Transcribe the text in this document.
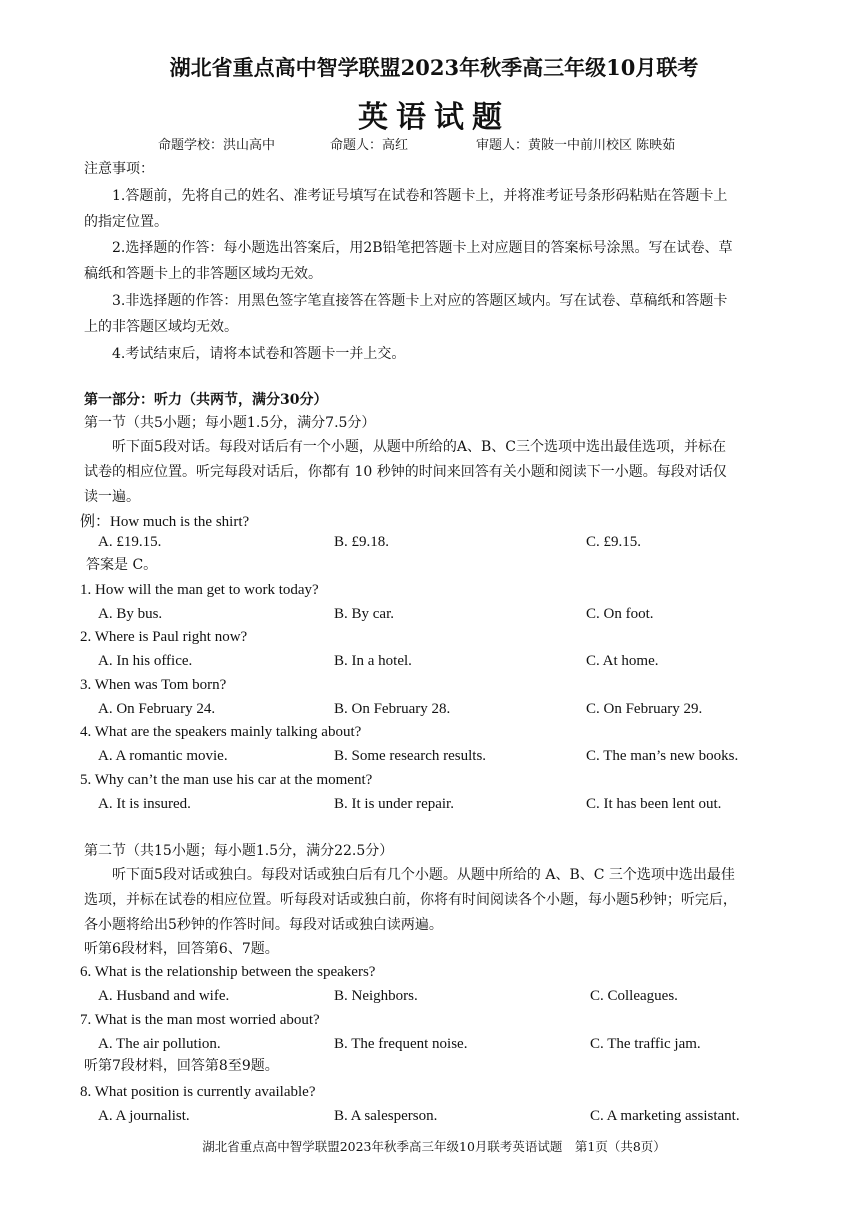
湖北省重点高中智学联盟2023年秋季高三年级10月联考
英语试题
命题学校：洪山高中	命题人：高红	审题人：黄陂一中前川校区 陈映茹
注意事项：
1.答题前，先将自己的姓名、准考证号填写在试卷和答题卡上，并将准考证号条形码粘贴在答题卡上
的指定位置。
2.选择题的作答：每小题选出答案后，用2B铅笔把答题卡上对应题目的答案标号涂黑。写在试卷、草
稿纸和答题卡上的非答题区域均无效。
3.非选择题的作答：用黑色签字笔直接答在答题卡上对应的答题区域内。写在试卷、草稿纸和答题卡
上的非答题区域均无效。
4.考试结束后，请将本试卷和答题卡一并上交。
第一部分：听力（共两节，满分30分）
第一节（共5小题；每小题1.5分，满分7.5分）
听下面5段对话。每段对话后有一个小题，从题中所给的A、B、C三个选项中选出最佳选项，并标在
试卷的相应位置。听完每段对话后，你都有 10 秒钟的时间来回答有关小题和阅读下一小题。每段对话仅
读一遍。
例：How much is the shirt?
A. £19.15.	B. £9.18.	C. £9.15.
答案是 C。
1. How will the man get to work today?
A. By bus.	B. By car.	C. On foot.
2. Where is Paul right now?
A. In his office.	B. In a hotel.	C. At home.
3. When was Tom born?
A. On February 24.	B. On February 28.	C. On February 29.
4. What are the speakers mainly talking about?
A. A romantic movie.	B. Some research results.	C. The man’s new books.
5. Why can’t the man use his car at the moment?
A. It is insured.	B. It is under repair.	C. It has been lent out.
第二节（共15小题；每小题1.5分，满分22.5分）
听下面5段对话或独白。每段对话或独白后有几个小题。从题中所给的 A、B、C 三个选项中选出最佳
选项，并标在试卷的相应位置。听每段对话或独白前，你将有时间阅读各个小题，每小题5秒钟；听完后，
各小题将给出5秒钟的作答时间。每段对话或独白读两遍。
听第6段材料，回答第6、7题。
6. What is the relationship between the speakers?
A. Husband and wife.	B. Neighbors.	C. Colleagues.
7. What is the man most worried about?
A. The air pollution.	B. The frequent noise.	C. The traffic jam.
听第7段材料，回答第8至9题。
8. What position is currently available?
A. A journalist.	B. A salesperson.	C. A marketing assistant.
湖北省重点高中智学联盟2023年秋季高三年级10月联考英语试题　第1页（共8页）
